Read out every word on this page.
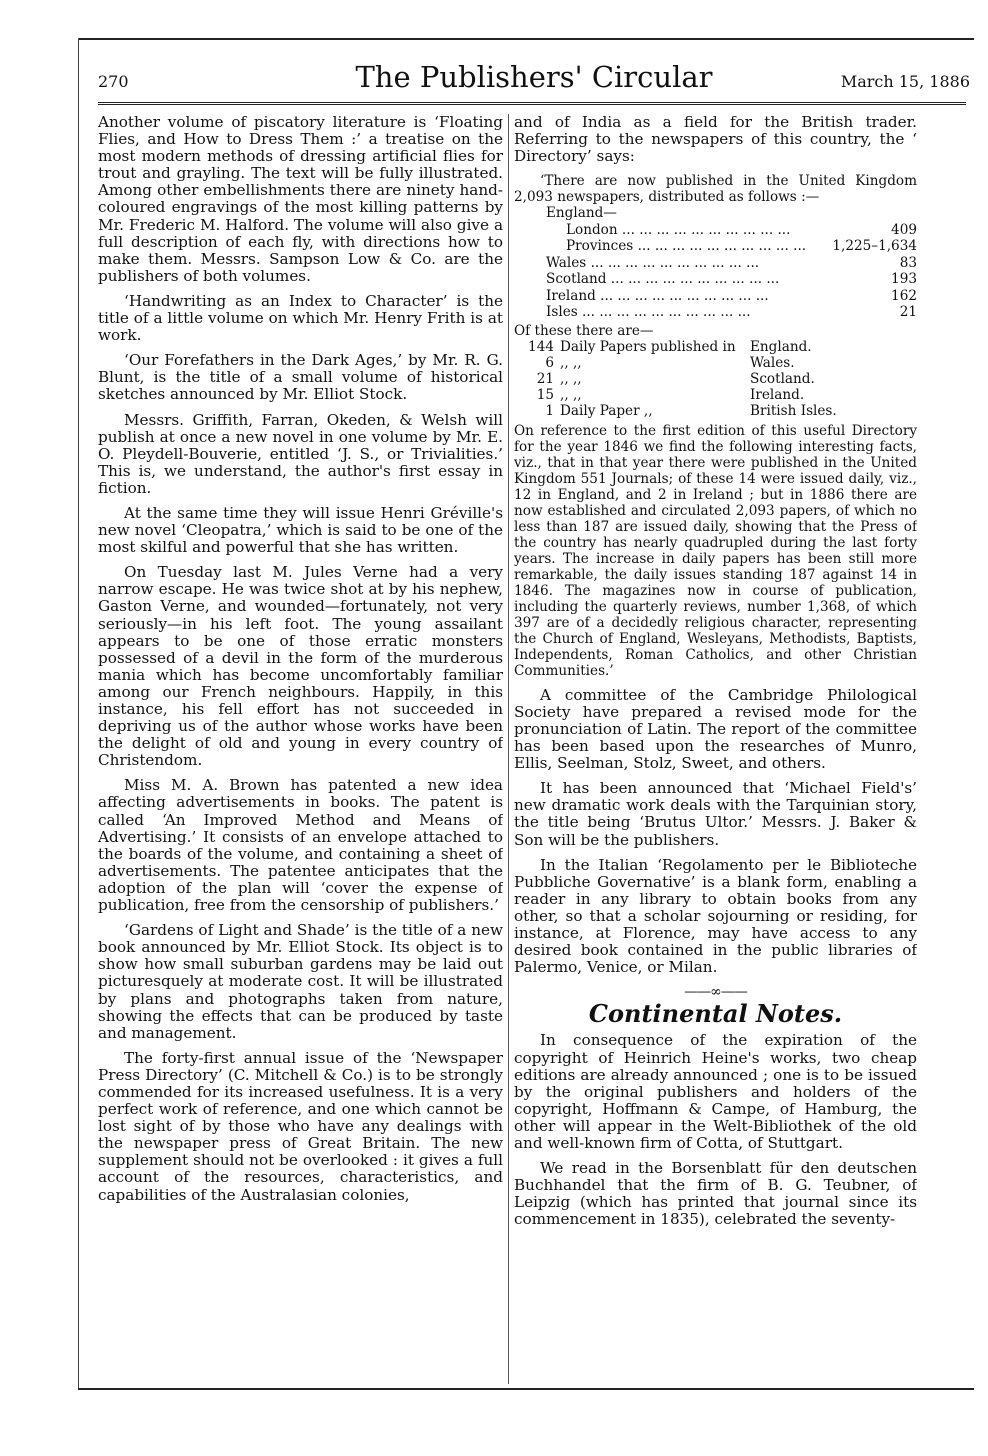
270	The Publishers' Circular	March 15, 1886

Another volume of piscatory literature is ‘Floating Flies, and How to Dress Them :’ a treatise on the most modern methods of dressing artificial flies for trout and grayling. The text will be fully illustrated. Among other embellishments there are ninety hand-coloured engravings of the most killing patterns by Mr. Frederic M. Halford. The volume will also give a full description of each fly, with directions how to make them. Messrs. Sampson Low & Co. are the publishers of both volumes.

‘Handwriting as an Index to Character’ is the title of a little volume on which Mr. Henry Frith is at work.

‘Our Forefathers in the Dark Ages,’ by Mr. R. G. Blunt, is the title of a small volume of historical sketches announced by Mr. Elliot Stock.

Messrs. Griffith, Farran, Okeden, & Welsh will publish at once a new novel in one volume by Mr. E. O. Pleydell-Bouverie, entitled ‘J. S., or Trivialities.’ This is, we understand, the author's first essay in fiction.

At the same time they will issue Henri Gréville's new novel ‘Cleopatra,’ which is said to be one of the most skilful and powerful that she has written.

On Tuesday last M. Jules Verne had a very narrow escape. He was twice shot at by his nephew, Gaston Verne, and wounded—fortunately, not very seriously—in his left foot. The young assailant appears to be one of those erratic monsters possessed of a devil in the form of the murderous mania which has become uncomfortably familiar among our French neighbours. Happily, in this instance, his fell effort has not succeeded in depriving us of the author whose works have been the delight of old and young in every country of Christendom.

Miss M. A. Brown has patented a new idea affecting advertisements in books. The patent is called ‘An Improved Method and Means of Advertising.’ It consists of an envelope attached to the boards of the volume, and containing a sheet of advertisements. The patentee anticipates that the adoption of the plan will ‘cover the expense of publication, free from the censorship of publishers.’

‘Gardens of Light and Shade’ is the title of a new book announced by Mr. Elliot Stock. Its object is to show how small suburban gardens may be laid out picturesquely at moderate cost. It will be illustrated by plans and photographs taken from nature, showing the effects that can be produced by taste and management.

The forty-first annual issue of the ‘Newspaper Press Directory’ (C. Mitchell & Co.) is to be strongly commended for its increased usefulness. It is a very perfect work of reference, and one which cannot be lost sight of by those who have any dealings with the newspaper press of Great Britain. The new supplement should not be overlooked : it gives a full account of the resources, characteristics, and capabilities of the Australasian colonies,

and of India as a field for the British trader. Referring to the newspapers of this country, the ‘ Directory’ says:

‘There are now published in the United Kingdom 2,093 newspapers, distributed as follows :—

England—
London ... .	409
Provinces ... .	1,225–1,634
Wales ... .	83
Scotland ... .	193
Ireland ... .	162
Isles ... .	21
Of these there are—
144 Daily Papers published in	England.
6 ,, ,,	Wales.
21 ,, ,,	Scotland.
15 ,, ,,	Ireland.
1 Daily Paper ,,	British Isles.

On reference to the first edition of this useful Directory for the year 1846 we find the following interesting facts, viz., that in that year there were published in the United Kingdom 551 Journals; of these 14 were issued daily, viz., 12 in England, and 2 in Ireland ; but in 1886 there are now established and circulated 2,093 papers, of which no less than 187 are issued daily, showing that the Press of the country has nearly quadrupled during the last forty years. The increase in daily papers has been still more remarkable, the daily issues standing 187 against 14 in 1846. The magazines now in course of publication, including the quarterly reviews, number 1,368, of which 397 are of a decidedly religious character, representing the Church of England, Wesleyans, Methodists, Baptists, Independents, Roman Catholics, and other Christian Communities.’

A committee of the Cambridge Philological Society have prepared a revised mode for the pronunciation of Latin. The report of the committee has been based upon the researches of Munro, Ellis, Seelman, Stolz, Sweet, and others.

It has been announced that ‘Michael Field's’ new dramatic work deals with the Tarquinian story, the title being ‘Brutus Ultor.’ Messrs. J. Baker & Son will be the publishers.

In the Italian ‘Regolamento per le Biblioteche Pubbliche Governative’ is a blank form, enabling a reader in any library to obtain books from any other, so that a scholar sojourning or residing, for instance, at Florence, may have access to any desired book contained in the public libraries of Palermo, Venice, or Milan.

——∞——
Continental Notes.

In consequence of the expiration of the copyright of Heinrich Heine's works, two cheap editions are already announced ; one is to be issued by the original publishers and holders of the copyright, Hoffmann & Campe, of Hamburg, the other will appear in the Welt-Bibliothek of the old and well-known firm of Cotta, of Stuttgart.

We read in the Borsenblatt für den deutschen Buchhandel that the firm of B. G. Teubner, of Leipzig (which has printed that journal since its commencement in 1835), celebrated the seventy-
